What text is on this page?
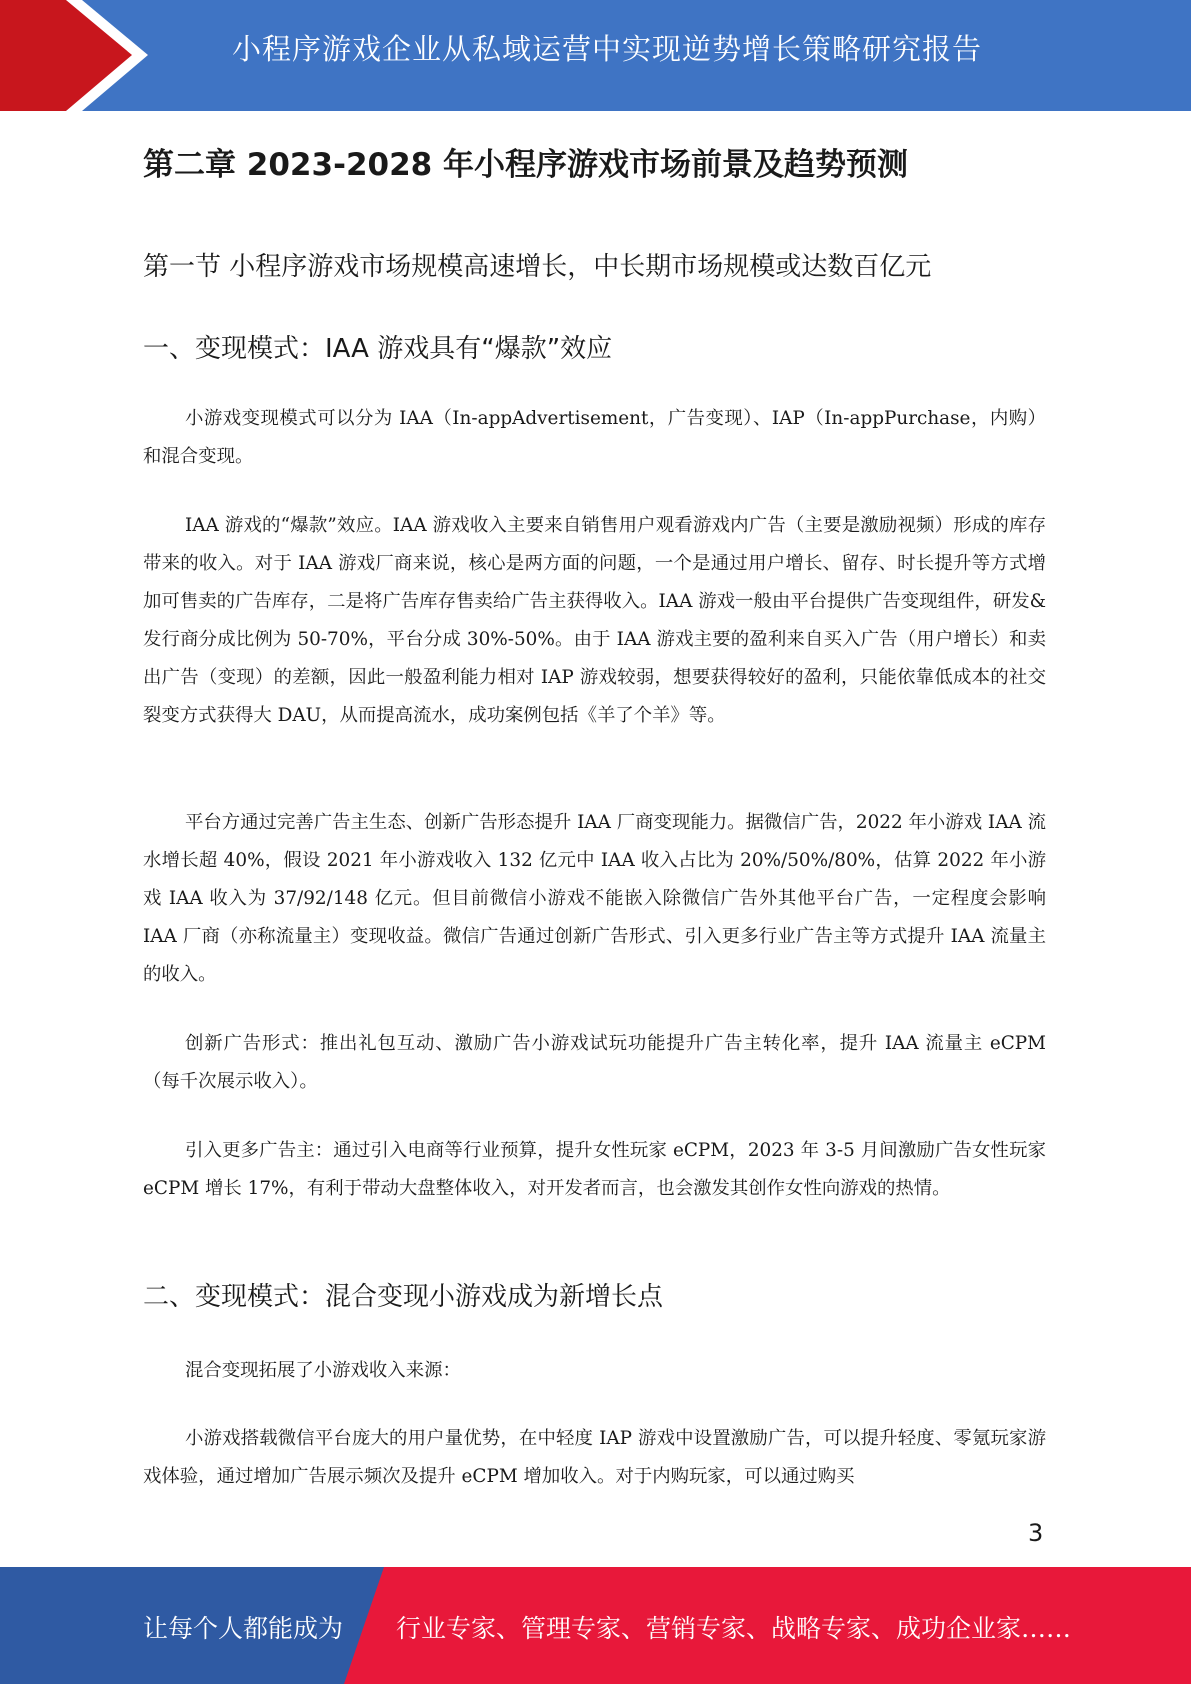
小程序游戏企业从私域运营中实现逆势增长策略研究报告
第二章 2023-2028 年小程序游戏市场前景及趋势预测
第一节 小程序游戏市场规模高速增长，中长期市场规模或达数百亿元
一、变现模式：IAA 游戏具有“爆款”效应

小游戏变现模式可以分为 IAA（In-appAdvertisement，广告变现）、IAP（In-appPurchase，内购）和混合变现。

IAA 游戏的“爆款”效应。IAA 游戏收入主要来自销售用户观看游戏内广告（主要是激励视频）形成的库存带来的收入。对于 IAA 游戏厂商来说，核心是两方面的问题，一个是通过用户增长、留存、时长提升等方式增加可售卖的广告库存，二是将广告库存售卖给广告主获得收入。IAA 游戏一般由平台提供广告变现组件，研发&发行商分成比例为 50-70%，平台分成 30%-50%。由于 IAA 游戏主要的盈利来自买入广告（用户增长）和卖出广告（变现）的差额，因此一般盈利能力相对 IAP 游戏较弱，想要获得较好的盈利，只能依靠低成本的社交裂变方式获得大 DAU，从而提高流水，成功案例包括《羊了个羊》等。

平台方通过完善广告主生态、创新广告形态提升 IAA 厂商变现能力。据微信广告，2022 年小游戏 IAA 流水增长超 40%，假设 2021 年小游戏收入 132 亿元中 IAA 收入占比为 20%/50%/80%，估算 2022 年小游戏 IAA 收入为 37/92/148 亿元。但目前微信小游戏不能嵌入除微信广告外其他平台广告，一定程度会影响 IAA 厂商（亦称流量主）变现收益。微信广告通过创新广告形式、引入更多行业广告主等方式提升 IAA 流量主的收入。

创新广告形式：推出礼包互动、激励广告小游戏试玩功能提升广告主转化率，提升 IAA 流量主 eCPM（每千次展示收入）。

引入更多广告主：通过引入电商等行业预算，提升女性玩家 eCPM，2023 年 3-5 月间激励广告女性玩家 eCPM 增长 17%，有利于带动大盘整体收入，对开发者而言，也会激发其创作女性向游戏的热情。

二、变现模式：混合变现小游戏成为新增长点

混合变现拓展了小游戏收入来源：

小游戏搭载微信平台庞大的用户量优势，在中轻度 IAP 游戏中设置激励广告，可以提升轻度、零氪玩家游戏体验，通过增加广告展示频次及提升 eCPM 增加收入。对于内购玩家，可以通过购买

3
让每个人都能成为 行业专家、管理专家、营销专家、战略专家、成功企业家……
